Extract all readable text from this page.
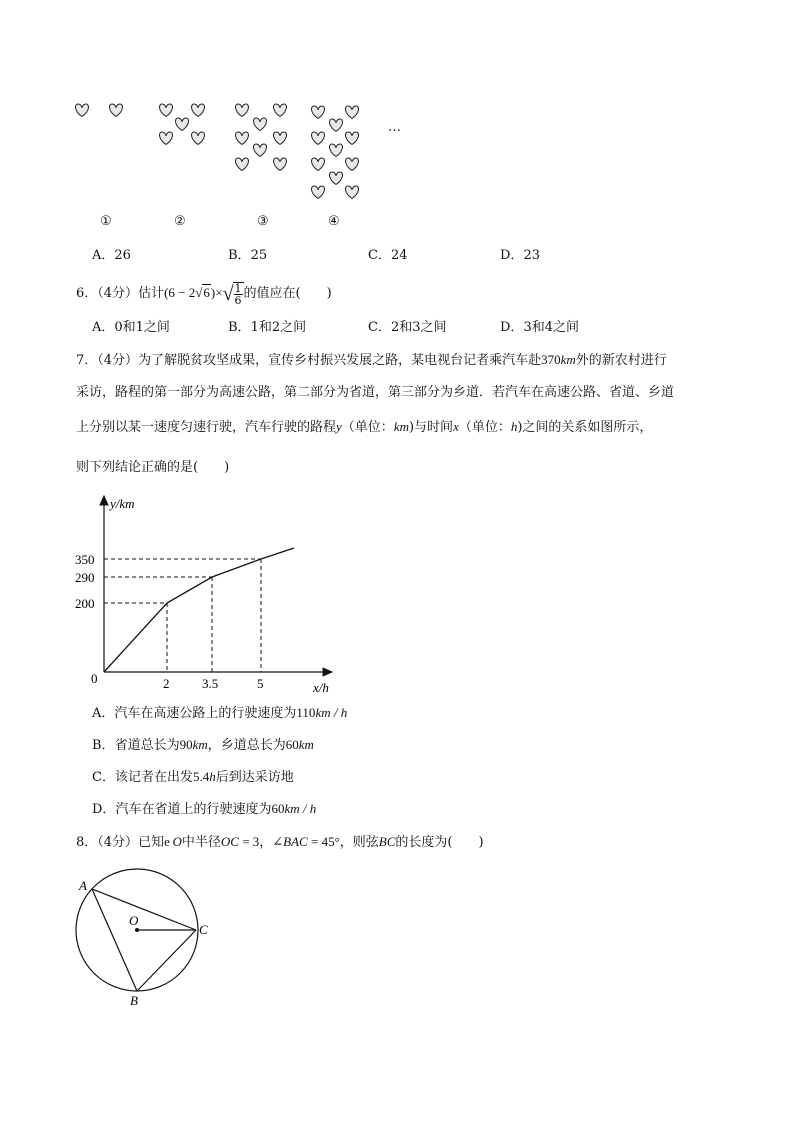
①	②	③	④
…
A．26	B．25	C．24	D．23
6．（4分）估计$(6 - 2√6)\times√ \frac{1}{6}$ 的值应在(　　)
A．0和1之间	B．1和2之间	C．2和3之间	D．3和4之间
7．（4分）为了解脱贫攻坚成果，宣传乡村振兴发展之路，某电视台记者乘汽车赴370km外的新农村进行
采访，路程的第一部分为高速公路，第二部分为省道，第三部分为乡道．若汽车在高速公路、省道、乡道
上分别以某一速度匀速行驶，汽车行驶的路程y（单位：km)与时间x（单位：h)之间的关系如图所示，
则下列结论正确的是(　　)
y/km
x/h
0	2	3.5	5
200
290
350
A．汽车在高速公路上的行驶速度为110km / h
B．省道总长为90km，乡道总长为60km
C．该记者在出发5.4h后到达采访地
D．汽车在省道上的行驶速度为60km / h
8．（4分）已知e  O中半径OC = 3，∠BAC = 45°，则弦BC的长度为(　　)
A
O
C
B
